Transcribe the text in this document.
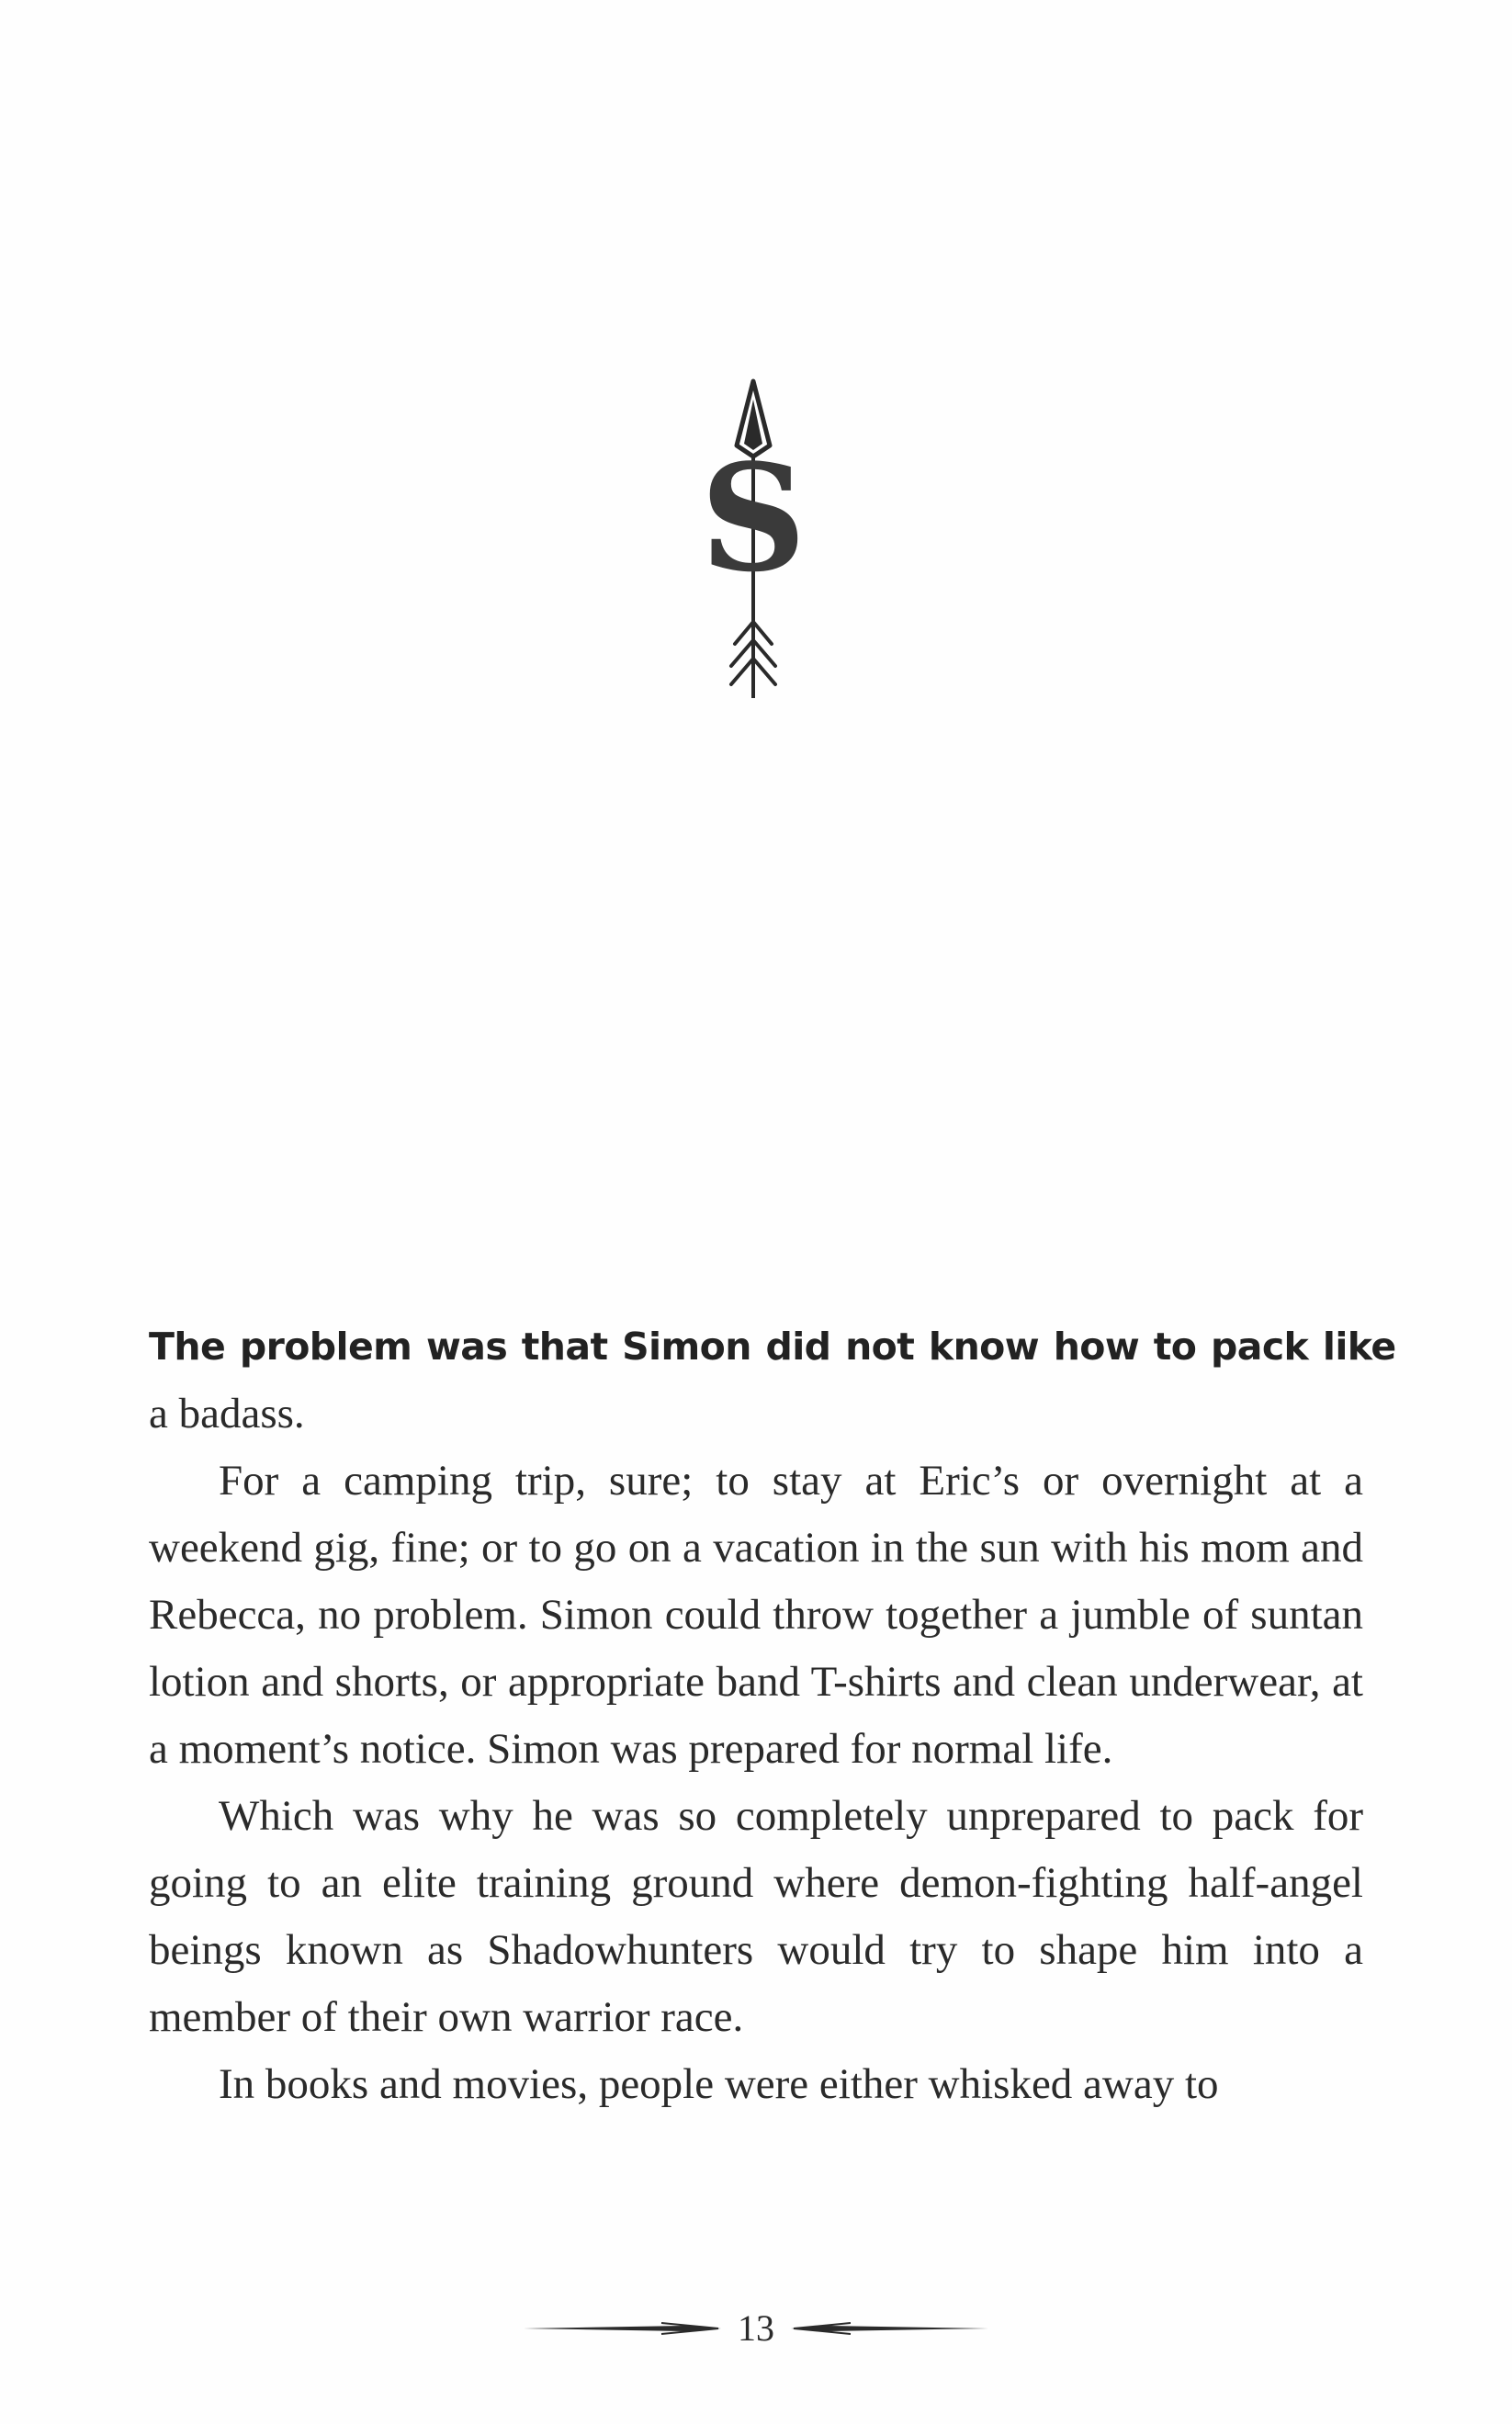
S

The problem was that Simon did not know how to pack like

a badass.

For a camping trip, sure; to stay at Eric’s or overnight at a weekend gig, fine; or to go on a vacation in the sun with his mom and Rebecca, no problem. Simon could throw together a jumble of suntan lotion and shorts, or appropriate band T-shirts and clean underwear, at a moment’s notice. Simon was prepared for normal life.

Which was why he was so completely unprepared to pack for going to an elite training ground where demon-fighting half-angel beings known as Shadowhunters would try to shape him into a member of their own warrior race.

In books and movies, people were either whisked away to

13
